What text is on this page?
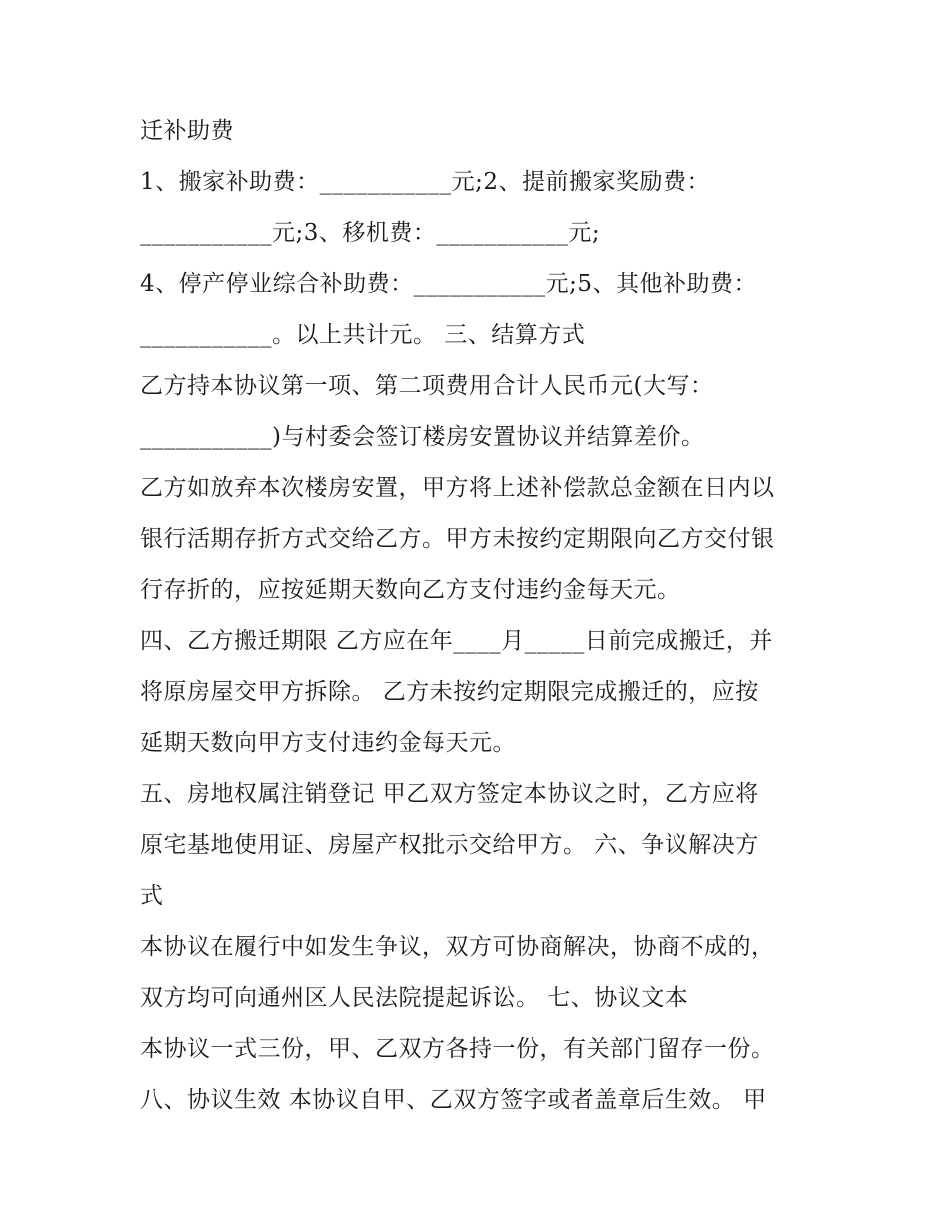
迁补助费
1、搬家补助费：___________元;2、提前搬家奖励费：
___________元;3、移机费：___________元;
4、停产停业综合补助费：___________元;5、其他补助费：
___________。以上共计元。 三、结算方式
乙方持本协议第一项、第二项费用合计人民币元(大写：
___________)与村委会签订楼房安置协议并结算差价。
乙方如放弃本次楼房安置，甲方将上述补偿款总金额在日内以
银行活期存折方式交给乙方。甲方未按约定期限向乙方交付银
行存折的，应按延期天数向乙方支付违约金每天元。
四、乙方搬迁期限 乙方应在年____月_____日前完成搬迁，并
将原房屋交甲方拆除。 乙方未按约定期限完成搬迁的，应按
延期天数向甲方支付违约金每天元。
五、房地权属注销登记 甲乙双方签定本协议之时，乙方应将
原宅基地使用证、房屋产权批示交给甲方。 六、争议解决方
式
本协议在履行中如发生争议，双方可协商解决，协商不成的，
双方均可向通州区人民法院提起诉讼。 七、协议文本
本协议一式三份，甲、乙双方各持一份，有关部门留存一份。
八、协议生效 本协议自甲、乙双方签字或者盖章后生效。 甲
